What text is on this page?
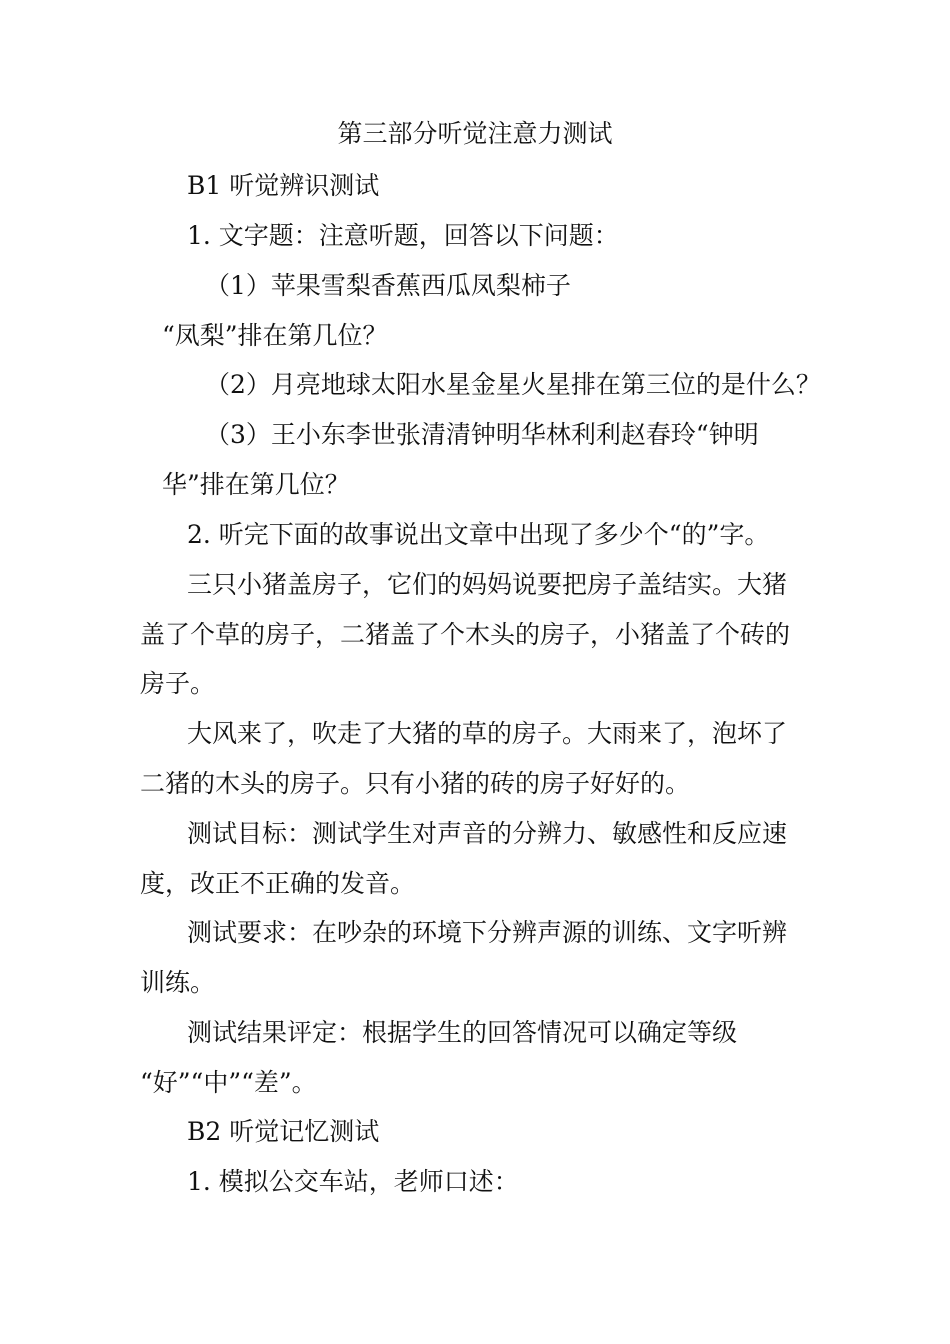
第三部分听觉注意力测试
B1 听觉辨识测试
1. 文字题：注意听题，回答以下问题：
（1）苹果雪梨香蕉西瓜凤梨柿子
“凤梨”排在第几位？
（2）月亮地球太阳水星金星火星排在第三位的是什么？
（3）王小东李世张清清钟明华林利利赵春玲“钟明
华”排在第几位？
2. 听完下面的故事说出文章中出现了多少个“的”字。
三只小猪盖房子，它们的妈妈说要把房子盖结实。大猪
盖了个草的房子，二猪盖了个木头的房子，小猪盖了个砖的
房子。
大风来了，吹走了大猪的草的房子。大雨来了，泡坏了
二猪的木头的房子。只有小猪的砖的房子好好的。
测试目标：测试学生对声音的分辨力、敏感性和反应速
度，改正不正确的发音。
测试要求：在吵杂的环境下分辨声源的训练、文字听辨
训练。
测试结果评定：根据学生的回答情况可以确定等级
“好”“中”“差”。
B2 听觉记忆测试
1. 模拟公交车站，老师口述：
